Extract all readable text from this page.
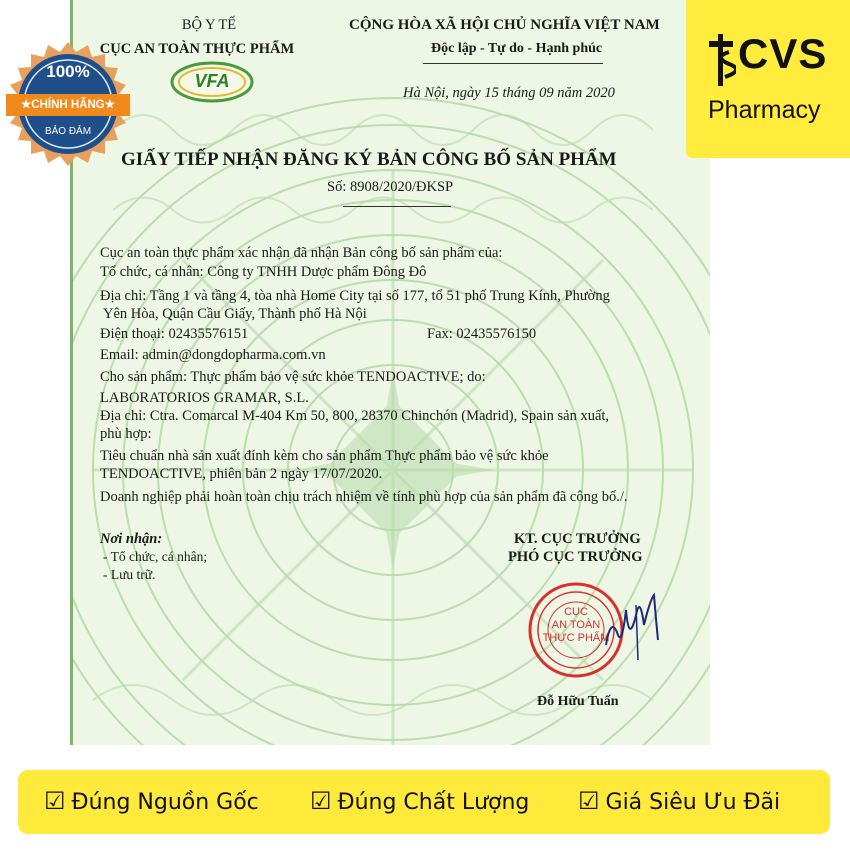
BỘ Y TẾ
CỤC AN TOÀN THỰC PHẨM
VFA
CỘNG HÒA XÃ HỘI CHỦ NGHĨA VIỆT NAM
Độc lập - Tự do - Hạnh phúc
Hà Nội, ngày 15 tháng 09 năm 2020
GIẤY TIẾP NHẬN ĐĂNG KÝ BẢN CÔNG BỐ SẢN PHẨM
Số: 8908/2020/ĐKSP
Cục an toàn thực phẩm xác nhận đã nhận Bản công bố sản phẩm của:
Tổ chức, cá nhân: Công ty TNHH Dược phẩm Đông Đô
Địa chỉ: Tầng 1 và tầng 4, tòa nhà Home City tại số 177, tổ 51 phố Trung Kính, Phường
Yên Hòa, Quận Cầu Giấy, Thành phố Hà Nội
Điện thoại: 02435576151	Fax: 02435576150
Email: admin@dongdopharma.com.vn
Cho sản phẩm: Thực phẩm bảo vệ sức khỏe TENDOACTIVE; do:
LABORATORIOS GRAMAR, S.L.
Địa chỉ: Ctra. Comarcal M-404 Km 50, 800, 28370 Chinchón (Madrid), Spain sản xuất,
phù hợp:
Tiêu chuẩn nhà sản xuất đính kèm cho sản phẩm Thực phẩm bảo vệ sức khỏe
TENDOACTIVE, phiên bản 2 ngày 17/07/2020.
Doanh nghiệp phải hoàn toàn chịu trách nhiệm về tính phù hợp của sản phẩm đã công bố./.
Nơi nhận:
- Tổ chức, cá nhân;
- Lưu trữ.
KT. CỤC TRƯỞNG
PHÓ CỤC TRƯỞNG
Đỗ Hữu Tuấn
CỤC
AN TOÀN
THỰC PHẨM
100%
★CHÍNH HÃNG★
BẢO ĐẢM
CVS
Pharmacy
☑ Đúng Nguồn Gốc ☑ Đúng Chất Lượng ☑ Giá Siêu Ưu Đãi
